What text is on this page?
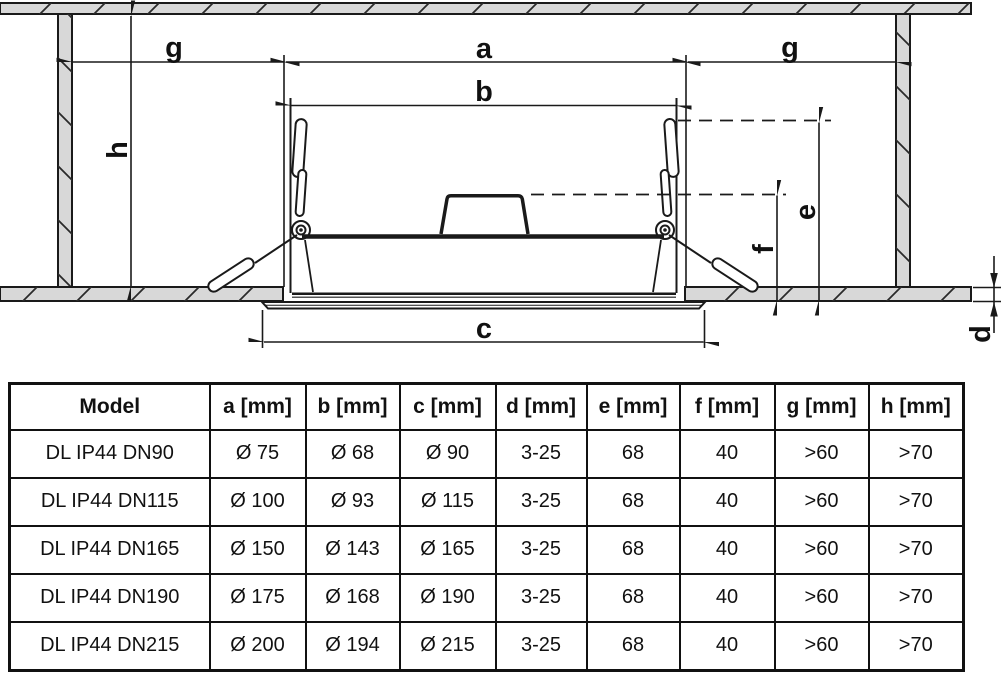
g	a	g
b
c
h
e
f
d
Model	a [mm]	b [mm]	c [mm]	d [mm]	e [mm]	f [mm]	g [mm]	h [mm]
DL IP44 DN90	Ø 75	Ø 68	Ø 90	3-25	68	40	>60	>70
DL IP44 DN115	Ø 100	Ø 93	Ø 115	3-25	68	40	>60	>70
DL IP44 DN165	Ø 150	Ø 143	Ø 165	3-25	68	40	>60	>70
DL IP44 DN190	Ø 175	Ø 168	Ø 190	3-25	68	40	>60	>70
DL IP44 DN215	Ø 200	Ø 194	Ø 215	3-25	68	40	>60	>70
